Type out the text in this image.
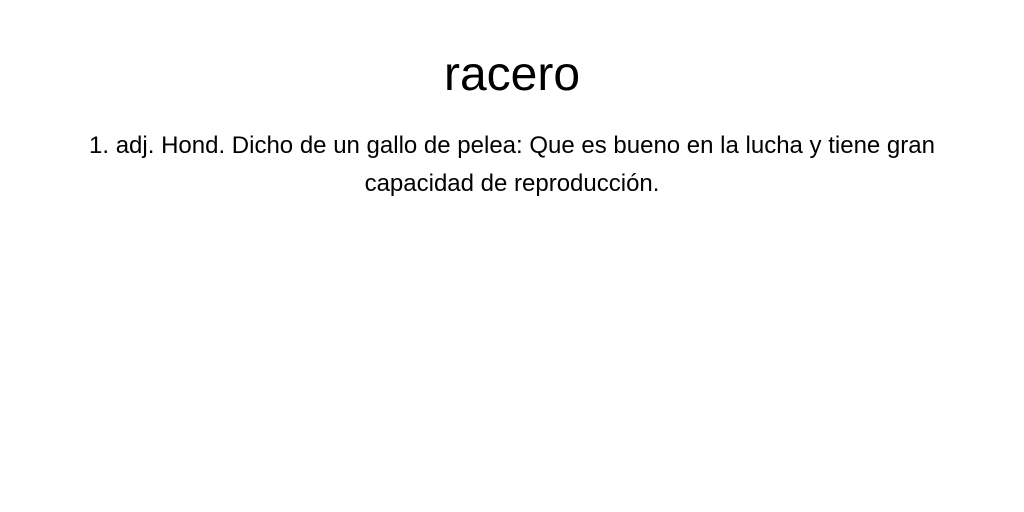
racero

1. adj. Hond. Dicho de un gallo de pelea: Que es bueno en la lucha y tiene gran capacidad de reproducción.
